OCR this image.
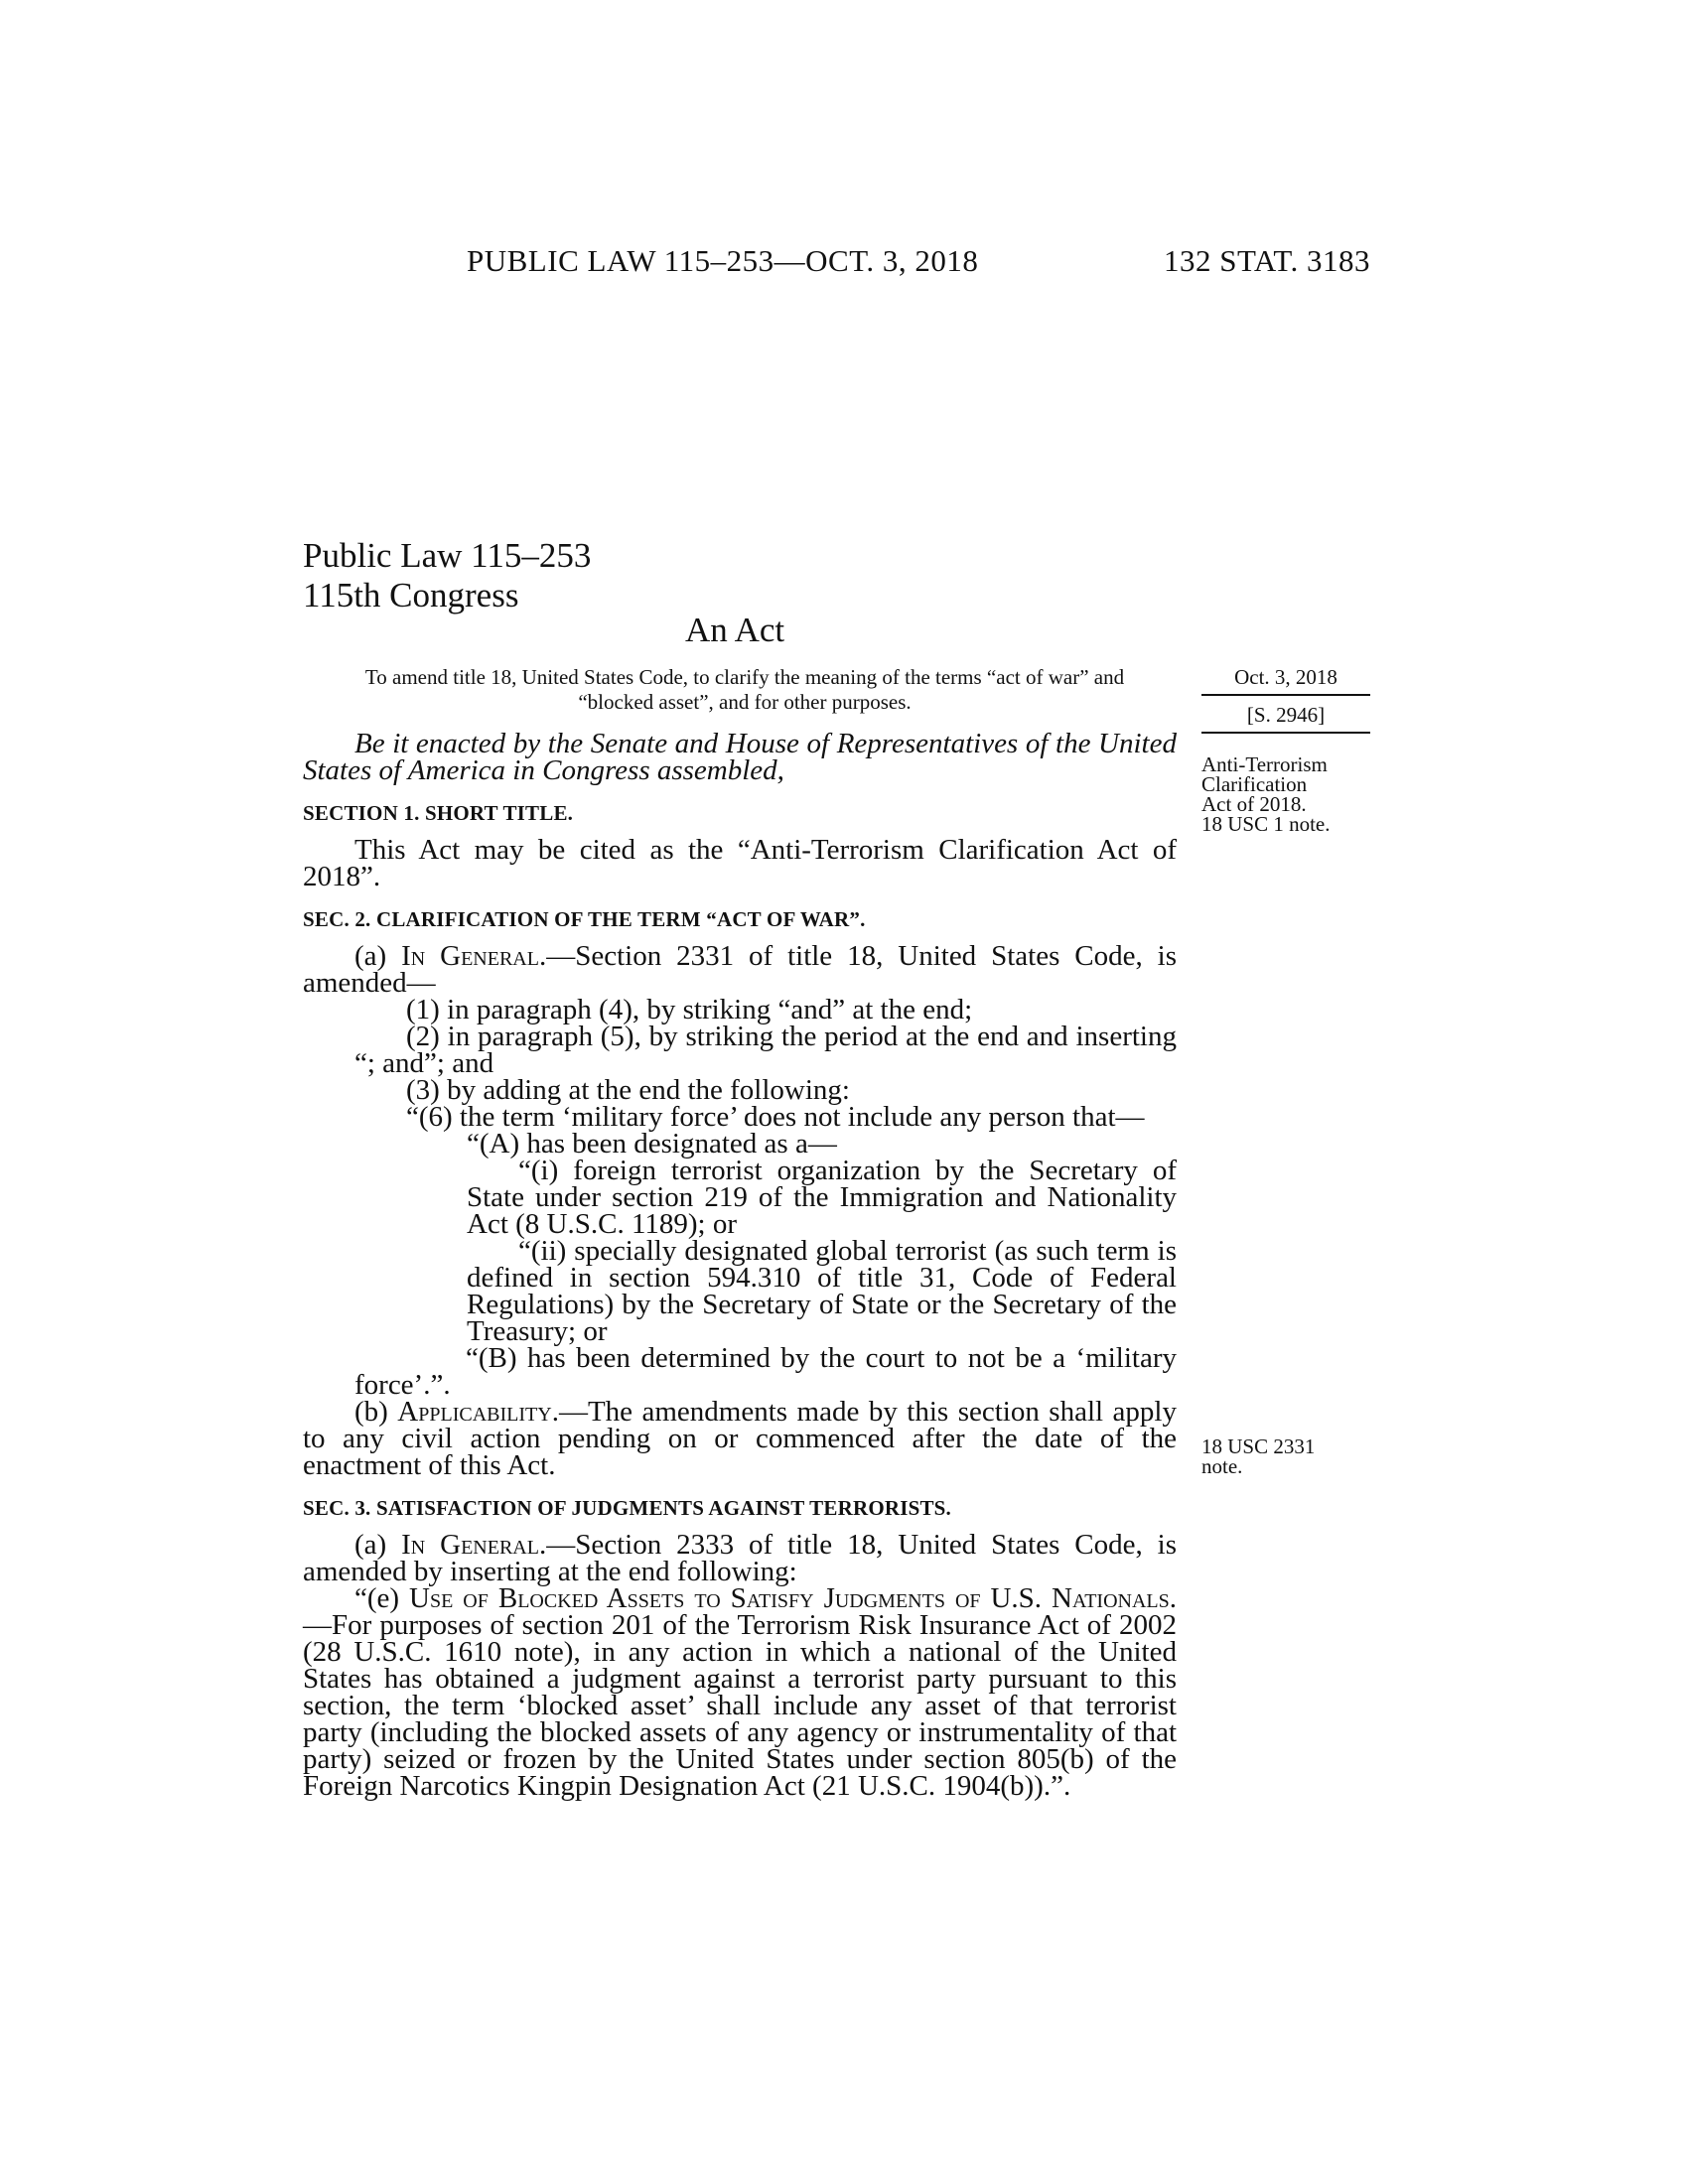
PUBLIC LAW 115–253—OCT. 3, 2018	132 STAT. 3183
Public Law 115–253
115th Congress
An Act
To amend title 18, United States Code, to clarify the meaning of the terms “act of war” and “blocked asset”, and for other purposes.
Oct. 3, 2018
[S. 2946]
Anti-Terrorism
Clarification
Act of 2018.
18 USC 1 note.
18 USC 2331
note.

Be it enacted by the Senate and House of Representatives of the United States of America in Congress assembled,

SECTION 1. SHORT TITLE.

This Act may be cited as the “Anti-Terrorism Clarification Act of 2018”.

SEC. 2. CLARIFICATION OF THE TERM “ACT OF WAR”.

(a) In General.—Section 2331 of title 18, United States Code, is amended—

(1) in paragraph (4), by striking “and” at the end;

(2) in paragraph (5), by striking the period at the end and inserting “; and”; and

(3) by adding at the end the following:

“(6) the term ‘military force’ does not include any person that—

“(A) has been designated as a—

“(i) foreign terrorist organization by the Secretary of State under section 219 of the Immigration and Nationality Act (8 U.S.C. 1189); or

“(ii) specially designated global terrorist (as such term is defined in section 594.310 of title 31, Code of Federal Regulations) by the Secretary of State or the Secretary of the Treasury; or

“(B) has been determined by the court to not be a ‘military force’.”.

(b) Applicability.—The amendments made by this section shall apply to any civil action pending on or commenced after the date of the enactment of this Act.

SEC. 3. SATISFACTION OF JUDGMENTS AGAINST TERRORISTS.

(a) In General.—Section 2333 of title 18, United States Code, is amended by inserting at the end following:

“(e) Use of Blocked Assets to Satisfy Judgments of U.S. Nationals.—For purposes of section 201 of the Terrorism Risk Insurance Act of 2002 (28 U.S.C. 1610 note), in any action in which a national of the United States has obtained a judgment against a terrorist party pursuant to this section, the term ‘blocked asset’ shall include any asset of that terrorist party (including the blocked assets of any agency or instrumentality of that party) seized or frozen by the United States under section 805(b) of the Foreign Narcotics Kingpin Designation Act (21 U.S.C. 1904(b)).”.
